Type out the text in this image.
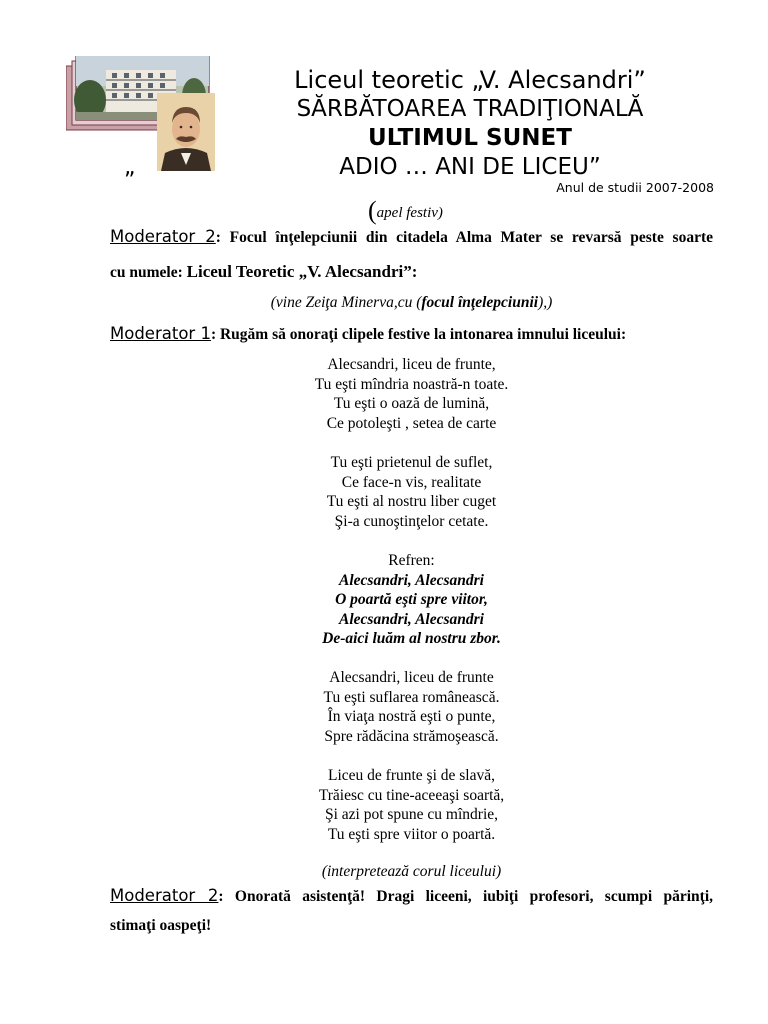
Liceul teoretic „V. Alecsandri”
SĂRBĂTOAREA TRADIŢIONALĂ
ULTIMUL SUNET
„	ADIO … ANI DE LICEU”
Anul de studii 2007-2008
(apel festiv)
Moderator 2: Focul înţelepciunii din citadela Alma Mater se revarsă peste soarte
cu numele: Liceul Teoretic „V. Alecsandri”:
(vine Zeiţa Minerva,cu (focul înţelepciunii),)
Moderator 1: Rugăm să onoraţi clipele festive la intonarea imnului liceului:
Alecsandri, liceu de frunte,
Tu eşti mîndria noastră-n toate.
Tu eşti o oază de lumină,
Ce potoleşti , setea de carte
Tu eşti prietenul de suflet,
Ce face-n vis, realitate
Tu eşti al nostru liber cuget
Şi-a cunoştinţelor cetate.
Refren:
Alecsandri, Alecsandri
O poartă eşti spre viitor,
Alecsandri, Alecsandri
De-aici luăm al nostru zbor.
Alecsandri, liceu de frunte
Tu eşti suflarea românească.
În viaţa nostră eşti o punte,
Spre rădăcina strămoşească.
Liceu de frunte şi de slavă,
Trăiesc cu tine-aceeaşi soartă,
Şi azi pot spune cu mîndrie,
Tu eşti spre viitor o poartă.
(interpretează corul liceului)
Moderator 2: Onorată asistenţă! Dragi liceeni, iubiţi profesori, scumpi părinţi,
stimaţi oaspeţi!
